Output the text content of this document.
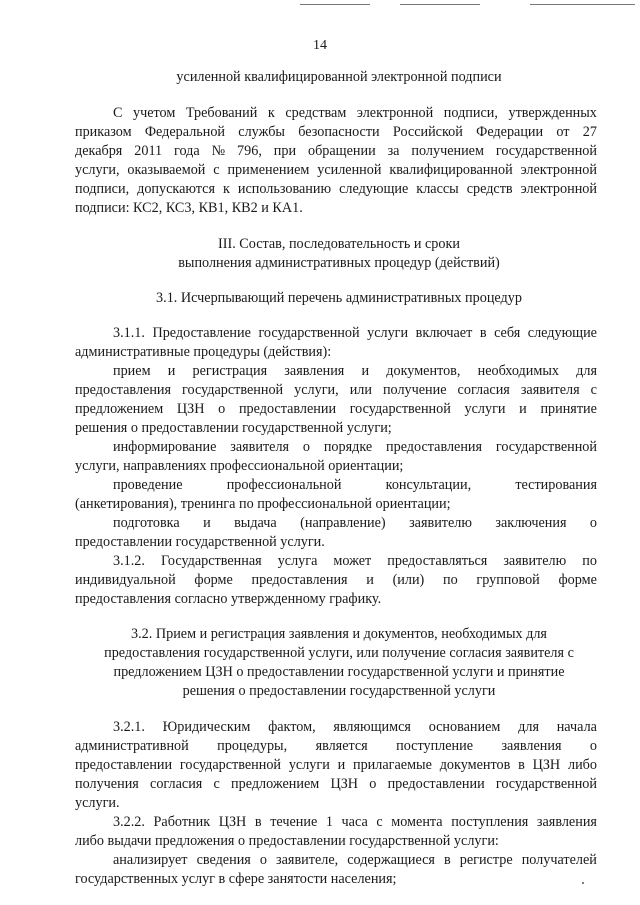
14
усиленной квалифицированной электронной подписи
С учетом Требований к средствам электронной подписи, утвержденных
приказом Федеральной службы безопасности Российской Федерации от 27
декабря 2011 года № 796, при обращении за получением государственной
услуги, оказываемой с применением усиленной квалифицированной электронной
подписи, допускаются к использованию следующие классы средств электронной
подписи: КС2, КС3, КВ1, КВ2 и КА1.
III. Состав, последовательность и сроки
выполнения административных процедур (действий)
3.1. Исчерпывающий перечень административных процедур
3.1.1. Предоставление государственной услуги включает в себя следующие
административные процедуры (действия):
прием и регистрация заявления и документов, необходимых для
предоставления государственной услуги, или получение согласия заявителя с
предложением ЦЗН о предоставлении государственной услуги и принятие
решения о предоставлении государственной услуги;
информирование заявителя о порядке предоставления государственной
услуги, направлениях профессиональной ориентации;
проведение	профессиональной	консультации,	тестирования
(анкетирования), тренинга по профессиональной ориентации;
подготовка и выдача (направление) заявителю заключения о
предоставлении государственной услуги.
3.1.2. Государственная услуга может предоставляться заявителю по
индивидуальной форме предоставления и (или) по групповой форме
предоставления согласно утвержденному графику.
3.2. Прием и регистрация заявления и документов, необходимых для
предоставления государственной услуги, или получение согласия заявителя с
предложением ЦЗН о предоставлении государственной услуги и принятие
решения о предоставлении государственной услуги
3.2.1. Юридическим фактом, являющимся основанием для начала
административной процедуры, является поступление заявления о
предоставлении государственной услуги и прилагаемые документов в ЦЗН либо
получения согласия с предложением ЦЗН о предоставлении государственной
услуги.
3.2.2. Работник ЦЗН в течение 1 часа с момента поступления заявления
либо выдачи предложения о предоставлении государственной услуги:
анализирует сведения о заявителе, содержащиеся в регистре получателей
государственных услуг в сфере занятости населения;
